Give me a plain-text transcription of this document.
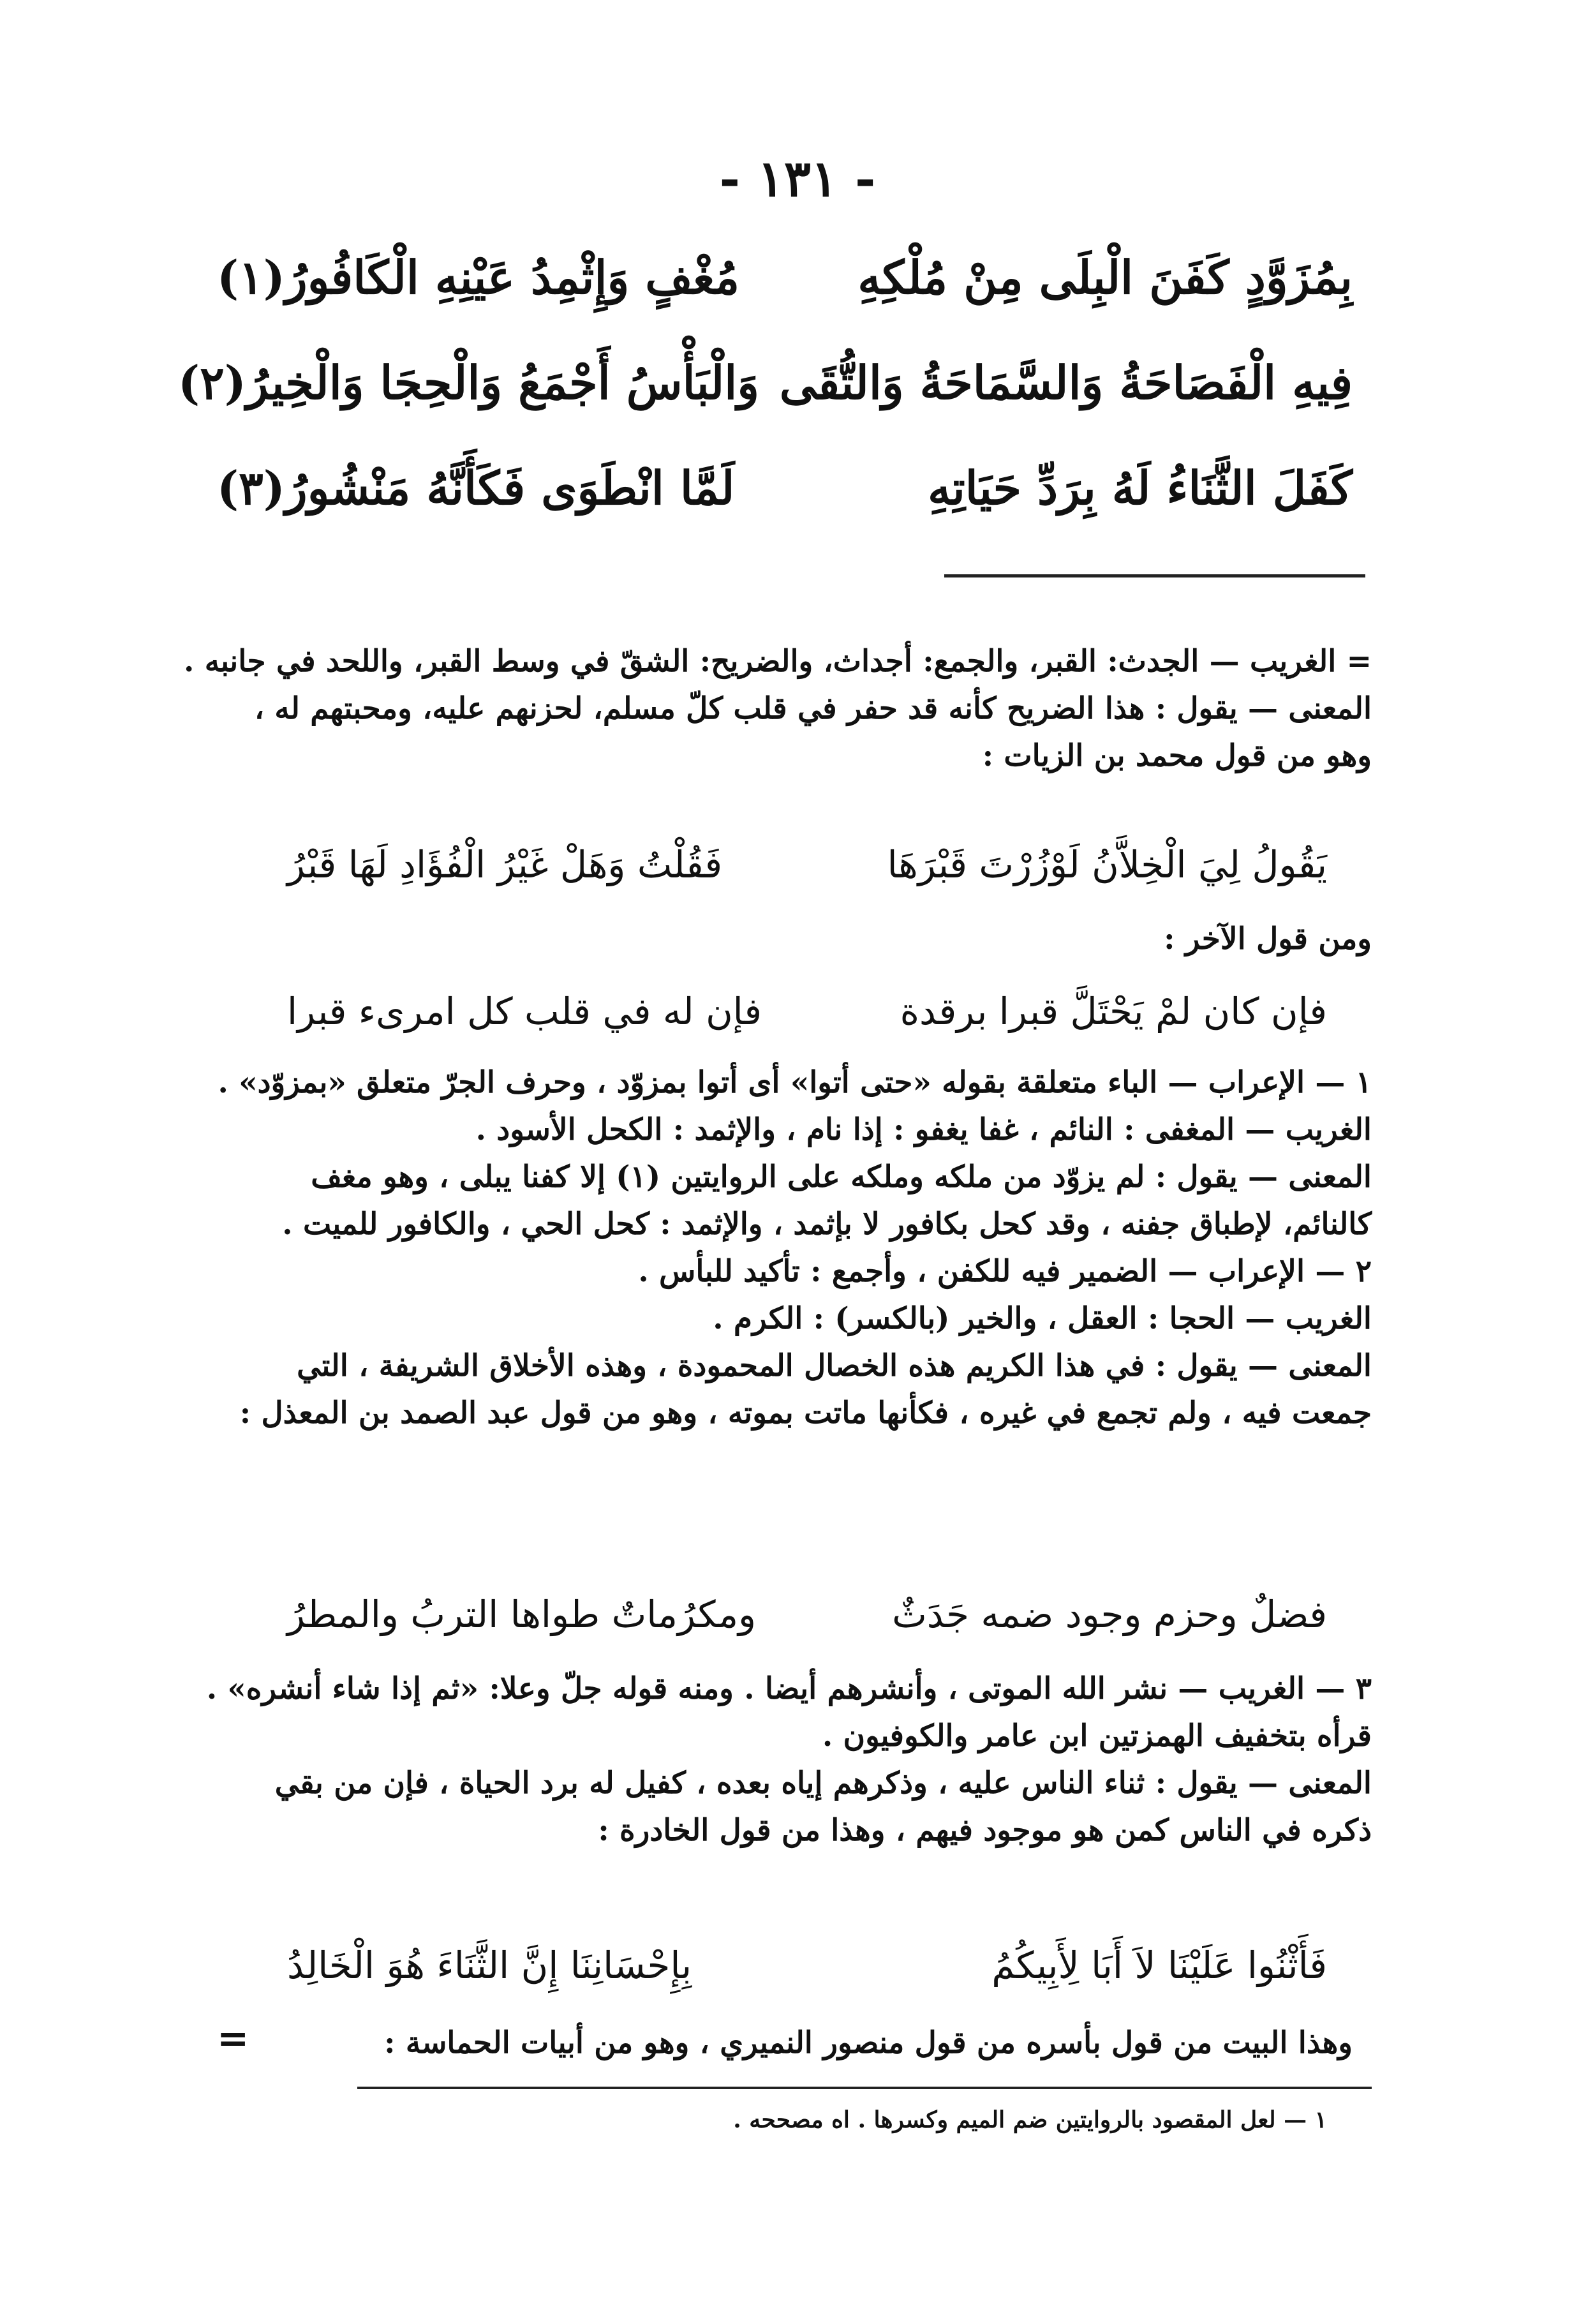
- ١٣١ -
بِمُزَوَّدٍ كَفَنَ الْبِلَى مِنْ مُلْكِهِ
مُغْفٍ وَإِثْمِدُ عَيْنِهِ الْكَافُورُ(١)
فِيهِ الْفَصَاحَةُ وَالسَّمَاحَةُ وَالتُّقَى
وَالْبَأْسُ أَجْمَعُ وَالْحِجَا وَالْخِيرُ(٢)
كَفَلَ الثَّنَاءُ لَهُ بِرَدِّ حَيَاتِهِ
لَمَّا انْطَوَى فَكَأَنَّهُ مَنْشُورُ(٣)
= الغريب — الجدث: القبر، والجمع: أجداث، والضريح: الشقّ في وسط القبر، واللحد في جانبه .
المعنى — يقول : هذا الضريح كأنه قد حفر في قلب كلّ مسلم، لحزنهم عليه، ومحبتهم له ،
وهو من قول محمد بن الزيات :
يَقُولُ لِيَ الْخِلاَّنُ لَوْزُرْتَ قَبْرَهَا
فَقُلْتُ وَهَلْ غَيْرُ الْفُؤَادِ لَهَا قَبْرُ
ومن قول الآخر :
فإن كان لمْ يَحْتَلَّ قبرا برقدة
فإن له في قلب كل امرىء قبرا
١ — الإعراب — الباء متعلقة بقوله «حتى أتوا» أى أتوا بمزوّد ، وحرف الجرّ متعلق «بمزوّد» .
الغريب — المغفى : النائم ، غفا يغفو : إذا نام ، والإثمد : الكحل الأسود .
المعنى — يقول : لم يزوّد من ملكه وملكه على الروايتين (١) إلا كفنا يبلى ، وهو مغف
كالنائم، لإطباق جفنه ، وقد كحل بكافور لا بإثمد ، والإثمد : كحل الحي ، والكافور للميت .
٢ — الإعراب — الضمير فيه للكفن ، وأجمع : تأكيد للبأس .
الغريب — الحجا : العقل ، والخير (بالكسر) : الكرم .
المعنى — يقول : في هذا الكريم هذه الخصال المحمودة ، وهذه الأخلاق الشريفة ، التي
جمعت فيه ، ولم تجمع في غيره ، فكأنها ماتت بموته ، وهو من قول عبد الصمد بن المعذل :
فضلٌ وحزم وجود ضمه جَدَثٌ
ومكرُماتٌ طواها التربُ والمطرُ
٣ — الغريب — نشر الله الموتى ، وأنشرهم أيضا . ومنه قوله جلّ وعلا: «ثم إذا شاء أنشره» .
قرأه بتخفيف الهمزتين ابن عامر والكوفيون .
المعنى — يقول : ثناء الناس عليه ، وذكرهم إياه بعده ، كفيل له برد الحياة ، فإن من بقي
ذكره في الناس كمن هو موجود فيهم ، وهذا من قول الخادرة :
فَأَثْنُوا عَلَيْنَا لاَ أَبَا لِأَبِيكُمُ
بِإِحْسَانِنَا إِنَّ الثَّنَاءَ هُوَ الْخَالِدُ
وهذا البيت من قول بأسره من قول منصور النميري ، وهو من أبيات الحماسة :
=
١ — لعل المقصود بالروايتين ضم الميم وكسرها . اه مصححه .
